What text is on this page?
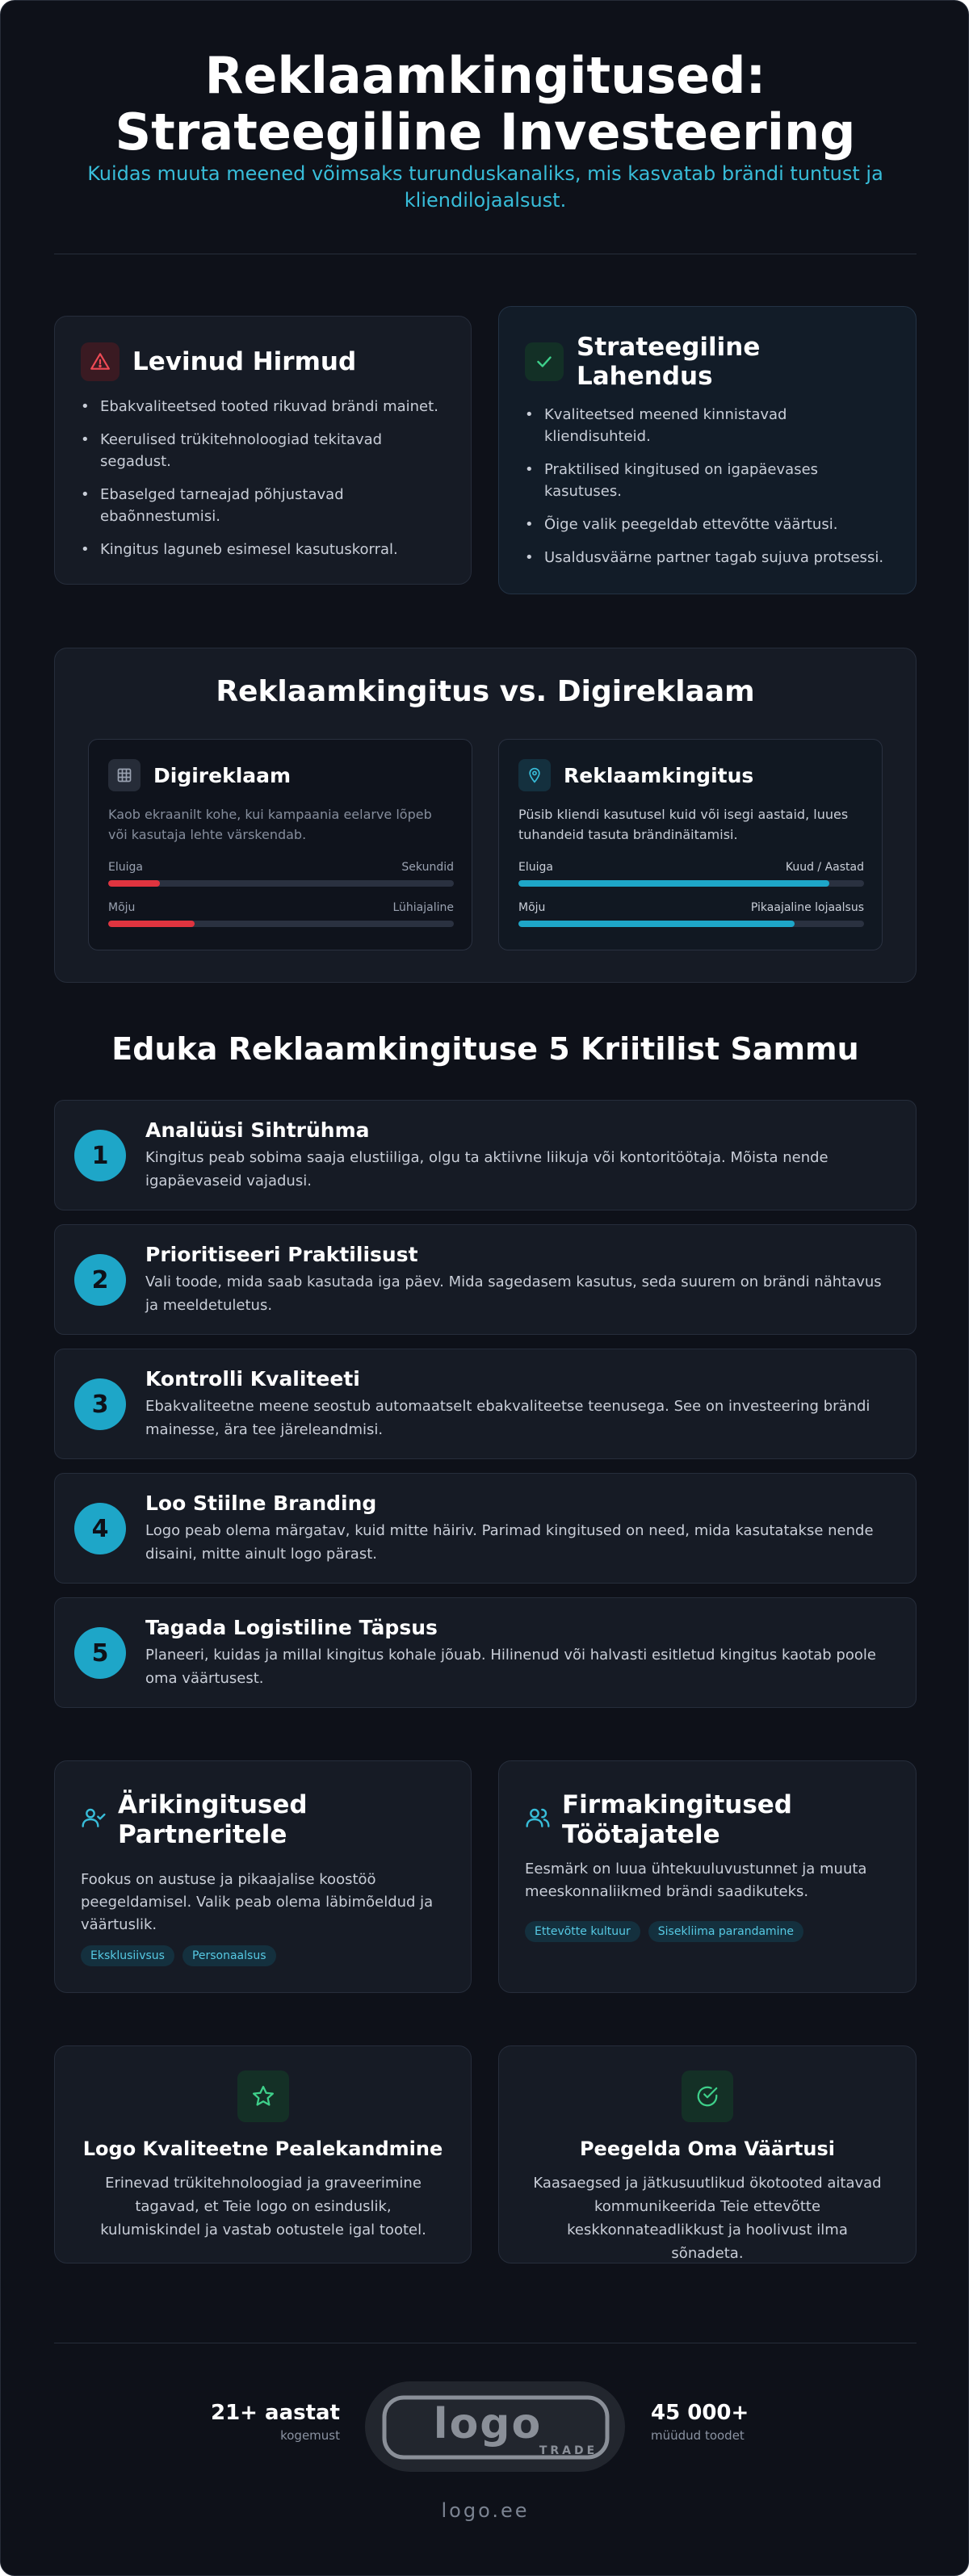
Reklaamkingitused:
Strateegiline Investeering
Kuidas muuta meened võimsaks turunduskanaliks, mis kasvatab brändi tuntust ja kliendilojaalsust.
Levinud Hirmud
• Ebakvaliteetsed tooted rikuvad brändi mainet.
• Keerulised trükitehnoloogiad tekitavad segadust.
• Ebaselged tarneajad põhjustavad ebaõnnestumisi.
• Kingitus laguneb esimesel kasutuskorral.
Strateegiline Lahendus
• Kvaliteetsed meened kinnistavad kliendisuhteid.
• Praktilised kingitused on igapäevases kasutuses.
• Õige valik peegeldab ettevõtte väärtusi.
• Usaldusväärne partner tagab sujuva protsessi.
Reklaamkingitus vs. Digireklaam
Digireklaam
Kaob ekraanilt kohe, kui kampaania eelarve lõpeb või kasutaja lehte värskendab.
Eluiga	Sekundid
Mõju	Lühiajaline
Reklaamkingitus
Püsib kliendi kasutusel kuid või isegi aastaid, luues tuhandeid tasuta brändinäitamisi.
Eluiga	Kuud / Aastad
Mõju	Pikaajaline lojaalsus
Eduka Reklaamkingituse 5 Kriitilist Sammu
1
Analüüsi Sihtrühma
Kingitus peab sobima saaja elustiiliga, olgu ta aktiivne liikuja või kontoritöötaja. Mõista nende igapäevaseid vajadusi.
2
Prioritiseeri Praktilisust
Vali toode, mida saab kasutada iga päev. Mida sagedasem kasutus, seda suurem on brändi nähtavus ja meeldetuletus.
3
Kontrolli Kvaliteeti
Ebakvaliteetne meene seostub automaatselt ebakvaliteetse teenusega. See on investeering brändi mainesse, ära tee järeleandmisi.
4
Loo Stiilne Branding
Logo peab olema märgatav, kuid mitte häiriv. Parimad kingitused on need, mida kasutatakse nende disaini, mitte ainult logo pärast.
5
Tagada Logistiline Täpsus
Planeeri, kuidas ja millal kingitus kohale jõuab. Hilinenud või halvasti esitletud kingitus kaotab poole oma väärtusest.
Ärikingitused Partneritele
Fookus on austuse ja pikaajalise koostöö peegeldamisel. Valik peab olema läbimõeldud ja väärtuslik.
Eksklusiivsus	Personaalsus
Firmakingitused Töötajatele
Eesmärk on luua ühtekuuluvustunnet ja muuta meeskonnaliikmed brändi saadikuteks.
Ettevõtte kultuur	Sisekliima parandamine
Logo Kvaliteetne Pealekandmine
Erinevad trükitehnoloogiad ja graveerimine tagavad, et Teie logo on esinduslik, kulumiskindel ja vastab ootustele igal tootel.
Peegelda Oma Väärtusi
Kaasaegsed ja jätkusuutlikud ökotooted aitavad kommunikeerida Teie ettevõtte keskkonnateadlikkust ja hoolivust ilma sõnadeta.
21+ aastat
kogemust logo
TRADE
45 000+
müüdud toodet
logo.ee
